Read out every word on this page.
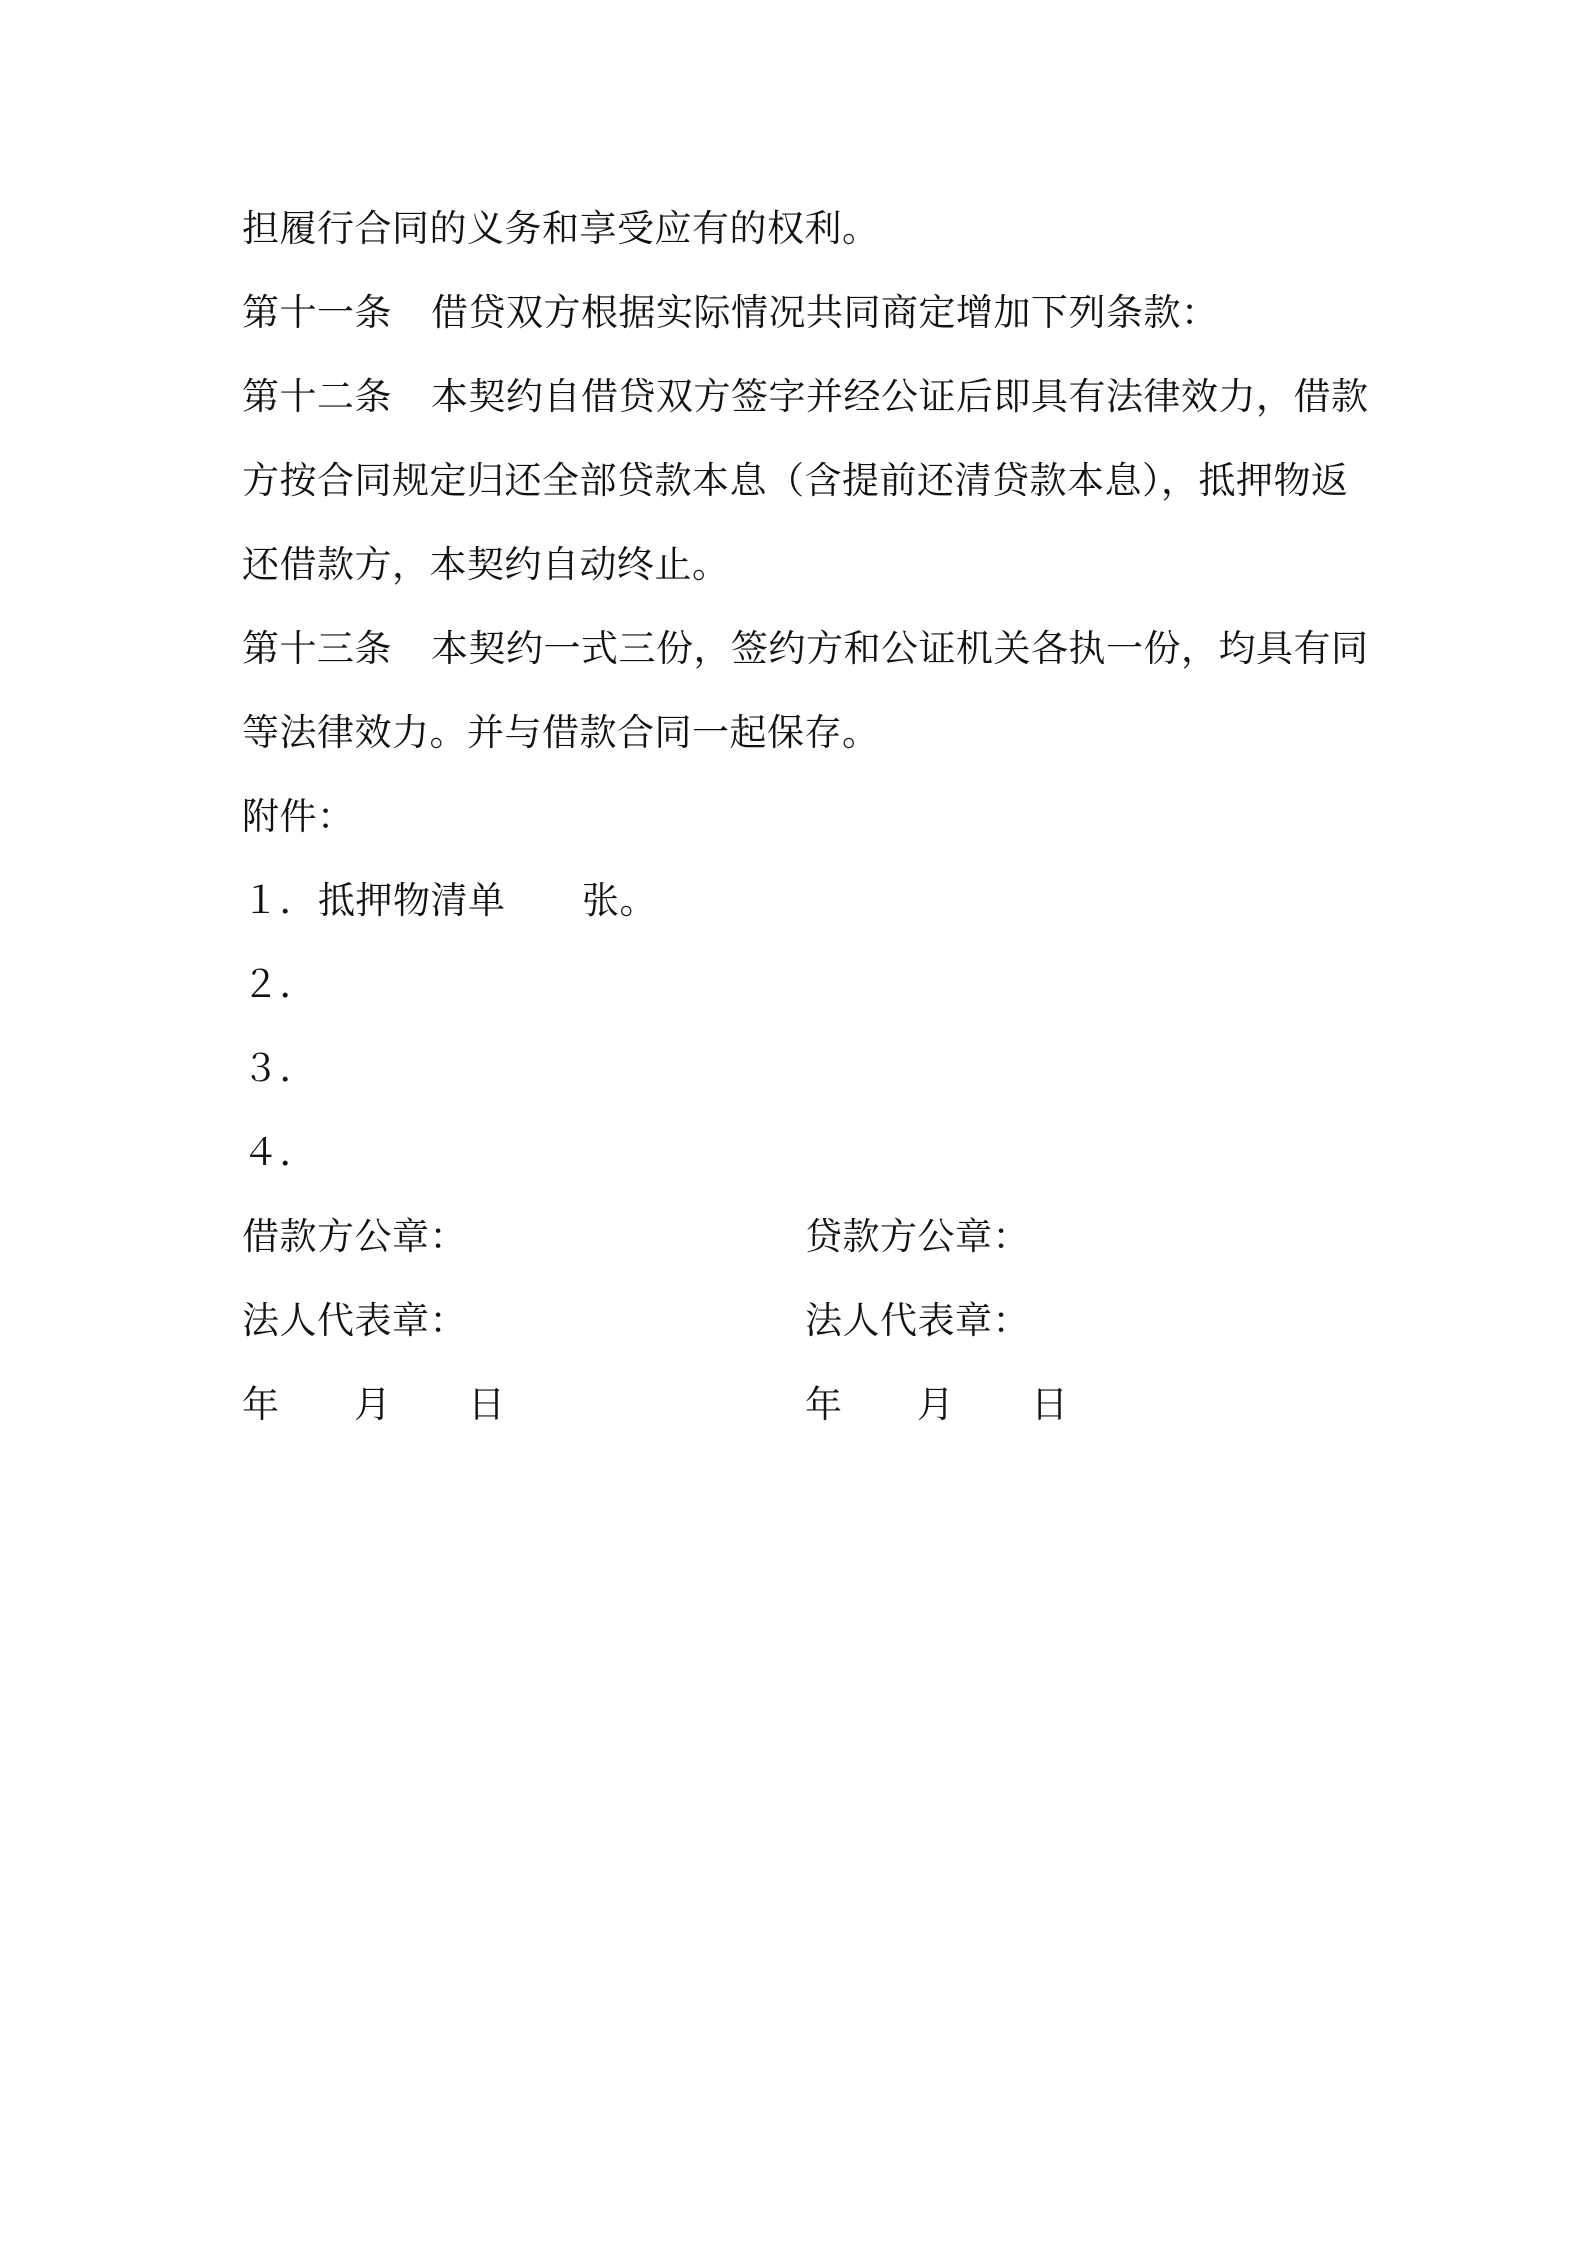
担履行合同的义务和享受应有的权利。
第十一条 借贷双方根据实际情况共同商定增加下列条款：
第十二条 本契约自借贷双方签字并经公证后即具有法律效力，借款
方按合同规定归还全部贷款本息（含提前还清贷款本息），抵押物返
还借款方，本契约自动终止。
第十三条 本契约一式三份，签约方和公证机关各执一份，均具有同
等法律效力。并与借款合同一起保存。
附件：
１． 抵押物清单 张。
２．
３．
４．
借款方公章：	贷款方公章：
法人代表章：	法人代表章：
年 月 日	年 月 日
